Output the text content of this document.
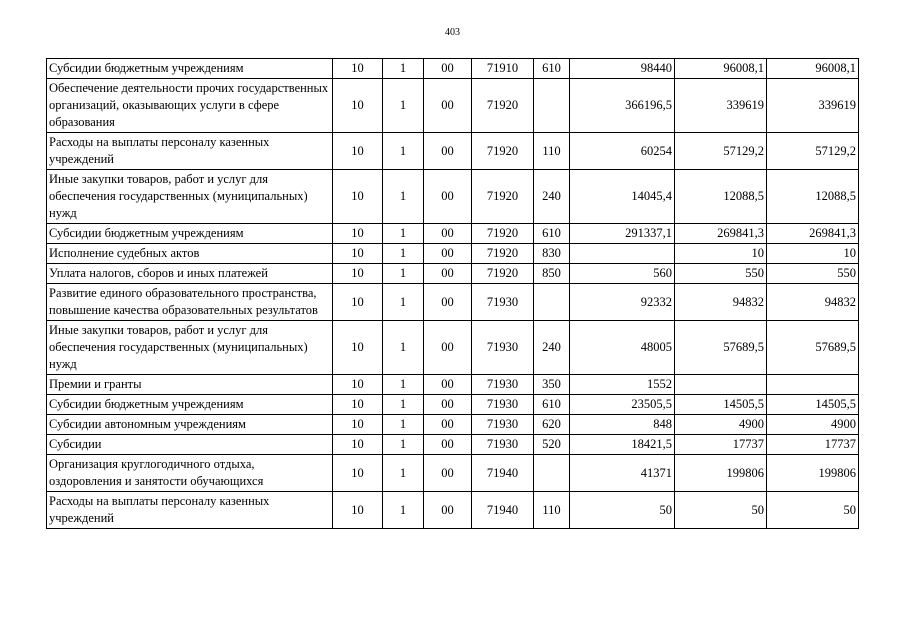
403
Субсидии бюджетным учреждениям	10	1	00	71910	610	98440	96008,1	96008,1
Обеспечение деятельности прочих государственных организаций, оказывающих услуги в сфере образования	10	1	00	71920		366196,5	339619	339619
Расходы на выплаты персоналу казенных учреждений	10	1	00	71920	110	60254	57129,2	57129,2
Иные закупки товаров, работ и услуг для обеспечения государственных (муниципальных) нужд	10	1	00	71920	240	14045,4	12088,5	12088,5
Субсидии бюджетным учреждениям	10	1	00	71920	610	291337,1	269841,3	269841,3
Исполнение судебных актов	10	1	00	71920	830		10	10
Уплата налогов, сборов и иных платежей	10	1	00	71920	850	560	550	550
Развитие единого образовательного пространства, повышение качества образовательных результатов	10	1	00	71930		92332	94832	94832
Иные закупки товаров, работ и услуг для обеспечения государственных (муниципальных) нужд	10	1	00	71930	240	48005	57689,5	57689,5
Премии и гранты	10	1	00	71930	350	1552		
Субсидии бюджетным учреждениям	10	1	00	71930	610	23505,5	14505,5	14505,5
Субсидии автономным учреждениям	10	1	00	71930	620	848	4900	4900
Субсидии	10	1	00	71930	520	18421,5	17737	17737
Организация круглогодичного отдыха, оздоровления и занятости обучающихся	10	1	00	71940		41371	199806	199806
Расходы на выплаты персоналу казенных учреждений	10	1	00	71940	110	50	50	50
